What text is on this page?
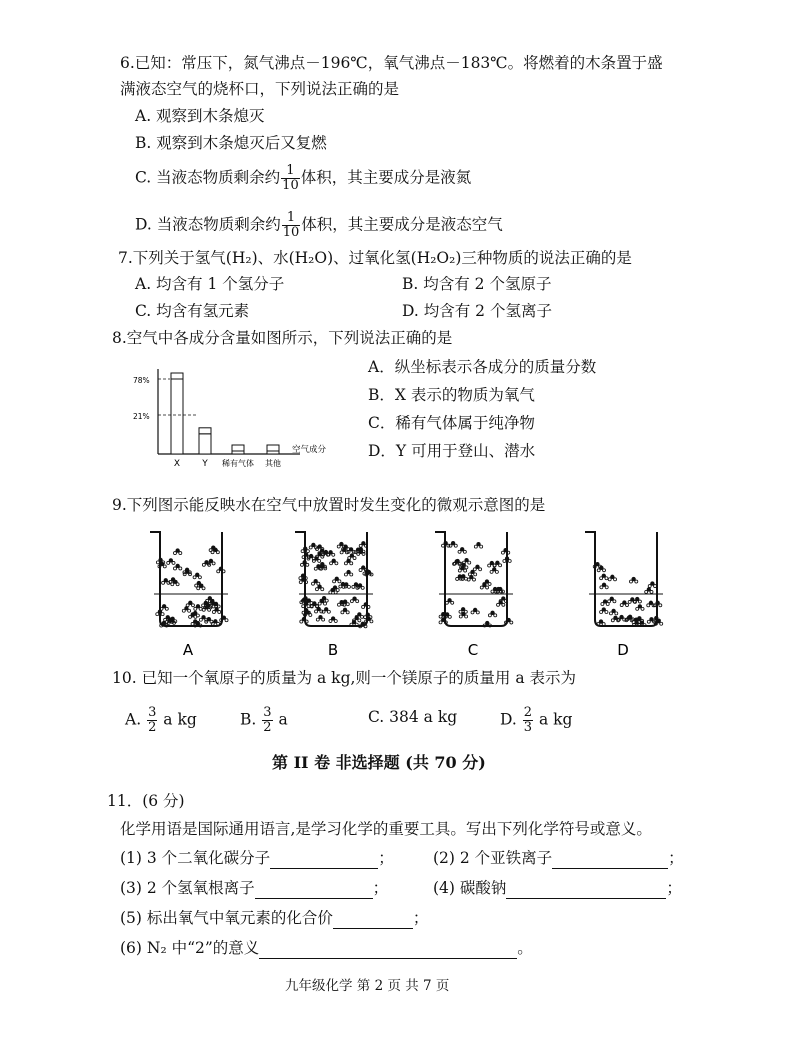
6.已知：常压下，氮气沸点－196℃，氧气沸点－183℃。将燃着的木条置于盛
满液态空气的烧杯口，下列说法正确的是
A. 观察到木条熄灭
B. 观察到木条熄灭后又复燃
C. 当液态物质剩余约 $\frac{1}{10}$ 体积，其主要成分是液氮
D. 当液态物质剩余约 $\frac{1}{10}$ 体积，其主要成分是液态空气
7.下列关于氢气(H₂)、水(H₂O)、过氧化氢(H₂O₂)三种物质的说法正确的是
A. 均含有 1 个氢分子	B. 均含有 2 个氢原子
C. 均含有氢元素	D. 均含有 2 个氢离子
8.空气中各成分含量如图所示，下列说法正确的是
A．纵坐标表示各成分的质量分数
B．X 表示的物质为氧气
C．稀有气体属于纯净物
D．Y 可用于登山、潜水
78%
21%
空气成分
X Y 稀有气体 其他
9.下列图示能反映水在空气中放置时发生变化的微观示意图的是
A	B	C	D
10. 已知一个氧原子的质量为 a kg,则一个镁原子的质量用 a 表示为
A. $\frac{3}{2}$ a kg	B. $\frac{3}{2}$ a	C. 384 a kg	D. $\frac{2}{3}$ a kg
第 II 卷 非选择题 (共 70 分)
11．(6 分)
化学用语是国际通用语言,是学习化学的重要工具。写出下列化学符号或意义。
(1) 3 个二氧化碳分子	；	(2) 2 个亚铁离子	；
(3) 2 个氢氧根离子	；	(4) 碳酸钠	；
(5) 标出氧气中氧元素的化合价	；
(6) N₂ 中“2”的意义	。
九年级化学 第 2 页 共 7 页
